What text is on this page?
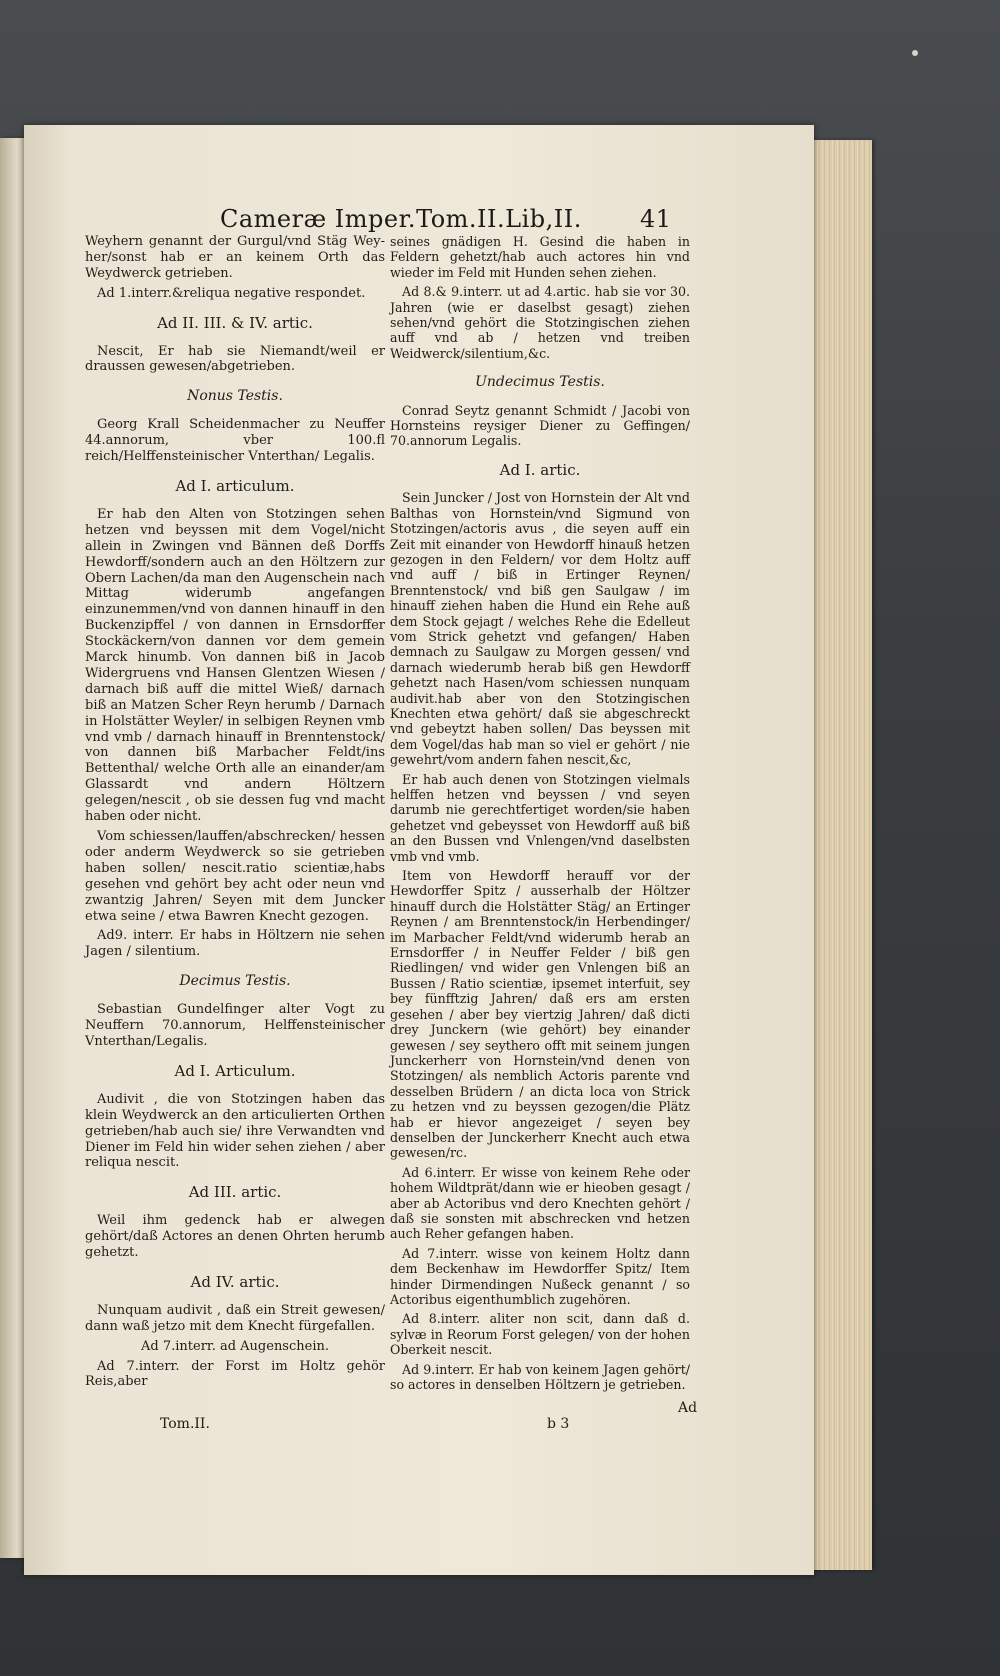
Cameræ Imper.Tom.II.Lib,II. 41

Weyhern genannt der Gurgul/vnd Stäg Wey-her/sonst hab er an keinem Orth das Weydwerck getrieben.

Ad 1.interr.&reliqua negative respondet.

Ad II. III. & IV. artic.

Nescit, Er hab sie Niemandt/weil er draussen gewesen/abgetrieben.

Nonus Testis.

Georg Krall Scheidenmacher zu Neuffer 44.annorum, vber 100.fl reich/Helffensteinischer Vnterthan/ Legalis.

Ad I. articulum.

Er hab den Alten von Stotzingen sehen hetzen vnd beyssen mit dem Vogel/nicht allein in Zwingen vnd Bännen deß Dorffs Hewdorff/sondern auch an den Höltzern zur Obern Lachen/da man den Augenschein nach Mittag widerumb angefangen einzunemmen/vnd von dannen hinauff in den Buckenzipffel / von dannen in Ernsdorffer Stockäckern/von dannen vor dem gemein Marck hinumb. Von dannen biß in Jacob Widergruens vnd Hansen Glentzen Wiesen / darnach biß auff die mittel Wieß/ darnach biß an Matzen Scher Reyn herumb / Darnach in Holstätter Weyler/ in selbigen Reynen vmb vnd vmb / darnach hinauff in Brenntenstock/ von dannen biß Marbacher Feldt/ins Bettenthal/ welche Orth alle an einander/am Glassardt vnd andern Höltzern gelegen/nescit , ob sie dessen fug vnd macht haben oder nicht.

Vom schiessen/lauffen/abschrecken/ hessen oder anderm Weydwerck so sie getrieben haben sollen/ nescit.ratio scientiæ,habs gesehen vnd gehört bey acht oder neun vnd zwantzig Jahren/ Seyen mit dem Juncker etwa seine / etwa Bawren Knecht gezogen.

Ad9. interr. Er habs in Höltzern nie sehen Jagen / silentium.

Decimus Testis.

Sebastian Gundelfinger alter Vogt zu Neuffern 70.annorum, Helffensteinischer Vnterthan/Legalis.

Ad I. Articulum.

Audivit , die von Stotzingen haben das klein Weydwerck an den articulierten Orthen getrieben/hab auch sie/ ihre Verwandten vnd Diener im Feld hin wider sehen ziehen / aber reliqua nescit.

Ad III. artic.

Weil ihm gedenck hab er alwegen gehört/daß Actores an denen Ohrten herumb gehetzt.

Ad IV. artic.

Nunquam audivit , daß ein Streit gewesen/ dann waß jetzo mit dem Knecht fürgefallen.

Ad 7.interr. ad Augenschein.

Ad 7.interr. der Forst im Holtz gehör Reis,aber

seines gnädigen H. Gesind die haben in Feldern gehetzt/hab auch actores hin vnd wieder im Feld mit Hunden sehen ziehen.

Ad 8.& 9.interr. ut ad 4.artic. hab sie vor 30. Jahren (wie er daselbst gesagt) ziehen sehen/vnd gehört die Stotzingischen ziehen auff vnd ab / hetzen vnd treiben Weidwerck/silentium,&c.

Undecimus Testis.

Conrad Seytz genannt Schmidt / Jacobi von Hornsteins reysiger Diener zu Geffingen/ 70.annorum Legalis.

Ad I. artic.

Sein Juncker / Jost von Hornstein der Alt vnd Balthas von Hornstein/vnd Sigmund von Stotzingen/actoris avus , die seyen auff ein Zeit mit einander von Hewdorff hinauß hetzen gezogen in den Feldern/ vor dem Holtz auff vnd auff / biß in Ertinger Reynen/ Brenntenstock/ vnd biß gen Saulgaw / im hinauff ziehen haben die Hund ein Rehe auß dem Stock gejagt / welches Rehe die Edelleut vom Strick gehetzt vnd gefangen/ Haben demnach zu Saulgaw zu Morgen gessen/ vnd darnach wiederumb herab biß gen Hewdorff gehetzt nach Hasen/vom schiessen nunquam audivit.hab aber von den Stotzingischen Knechten etwa gehört/ daß sie abgeschreckt vnd gebeytzt haben sollen/ Das beyssen mit dem Vogel/das hab man so viel er gehört / nie gewehrt/vom andern fahen nescit,&c,

Er hab auch denen von Stotzingen vielmals helffen hetzen vnd beyssen / vnd seyen darumb nie gerechtfertiget worden/sie haben gehetzet vnd gebeysset von Hewdorff auß biß an den Bussen vnd Vnlengen/vnd daselbsten vmb vnd vmb.

Item von Hewdorff herauff vor der Hewdorffer Spitz / ausserhalb der Höltzer hinauff durch die Holstätter Stäg/ an Ertinger Reynen / am Brenntenstock/in Herbendinger/ im Marbacher Feldt/vnd widerumb herab an Ernsdorffer / in Neuffer Felder / biß gen Riedlingen/ vnd wider gen Vnlengen biß an Bussen / Ratio scientiæ, ipsemet interfuit, sey bey fünfftzig Jahren/ daß ers am ersten gesehen / aber bey viertzig Jahren/ daß dicti drey Junckern (wie gehört) bey einander gewesen / sey seythero offt mit seinem jungen Junckerherr von Hornstein/vnd denen von Stotzingen/ als nemblich Actoris parente vnd desselben Brüdern / an dicta loca von Strick zu hetzen vnd zu beyssen gezogen/die Plätz hab er hievor angezeiget / seyen bey denselben der Junckerherr Knecht auch etwa gewesen/rc.

Ad 6.interr. Er wisse von keinem Rehe oder hohem Wildtprät/dann wie er hieoben gesagt / aber ab Actoribus vnd dero Knechten gehört / daß sie sonsten mit abschrecken vnd hetzen auch Reher gefangen haben.

Ad 7.interr. wisse von keinem Holtz dann dem Beckenhaw im Hewdorffer Spitz/ Item hinder Dirmendingen Nußeck genannt / so Actoribus eigenthumblich zugehören.

Ad 8.interr. aliter non scit, dann daß d. sylvæ in Reorum Forst gelegen/ von der hohen Oberkeit nescit.

Ad 9.interr. Er hab von keinem Jagen gehört/ so actores in denselben Höltzern je getrieben.

Tom.II.	b 3
Ad
